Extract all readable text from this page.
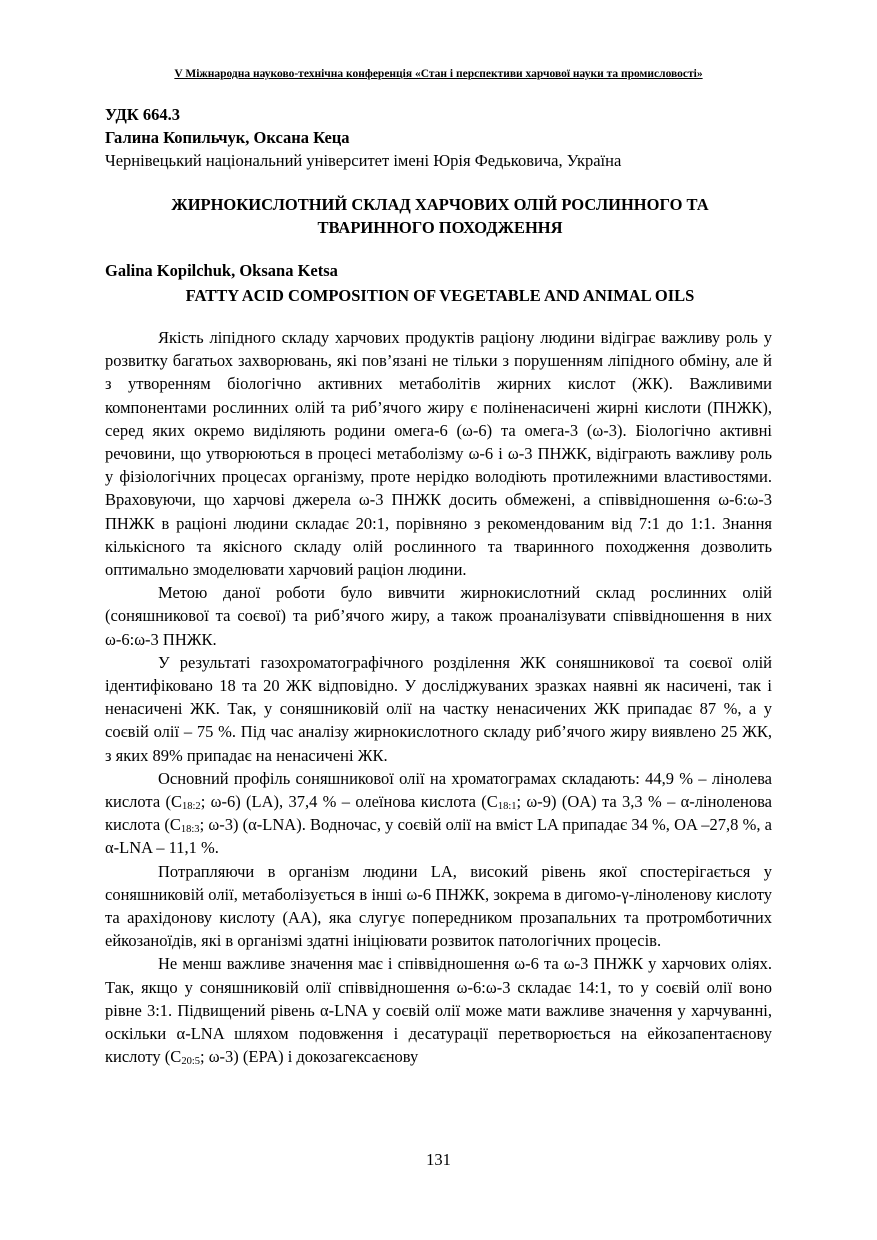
V Міжнародна науково-технічна конференція «Стан і перспективи харчової науки та промисловості»
УДК 664.3
Галина Копильчук, Оксана Кеца
Чернівецький національний університет імені Юрія Федьковича, Україна
ЖИРНОКИСЛОТНИЙ СКЛАД ХАРЧОВИХ ОЛІЙ РОСЛИННОГО ТА
ТВАРИННОГО ПОХОДЖЕННЯ
Galina Kopilchuk, Oksana Ketsa
FATTY ACID COMPOSITION OF VEGETABLE AND ANIMAL OILS

Якість ліпідного складу харчових продуктів раціону людини відіграє важливу роль у розвитку багатьох захворювань, які пов’язані не тільки з порушенням ліпідного обміну, але й з утворенням біологічно активних метаболітів жирних кислот (ЖК). Важливими компонентами рослинних олій та риб’ячого жиру є поліненасичені жирні кислоти (ПНЖК), серед яких окремо виділяють родини омега-6 (ω-6) та омега-3 (ω-3). Біологічно активні речовини, що утворюються в процесі метаболізму ω-6 і ω-3 ПНЖК, відіграють важливу роль у фізіологічних процесах організму, проте нерідко володіють протилежними властивостями. Враховуючи, що харчові джерела ω-3 ПНЖК досить обмежені, а співвідношення ω-6:ω-3 ПНЖК в раціоні людини складає 20:1, порівняно з рекомендованим від 7:1 до 1:1. Знання кількісного та якісного складу олій рослинного та тваринного походження дозволить оптимально змоделювати харчовий раціон людини.

Метою даної роботи було вивчити жирнокислотний склад рослинних олій (соняшникової та соєвої) та риб’ячого жиру, а також проаналізувати співвідношення в них ω-6:ω-3 ПНЖК.

У результаті газохроматографічного розділення ЖК соняшникової та соєвої олій ідентифіковано 18 та 20 ЖК відповідно. У досліджуваних зразках наявні як насичені, так і ненасичені ЖК. Так, у соняшниковій олії на частку ненасичених ЖК припадає 87 %, а у соєвій олії – 75 %. Під час аналізу жирнокислотного складу риб’ячого жиру виявлено 25 ЖК, з яких 89% припадає на ненасичені ЖК.

Основний профіль соняшникової олії на хроматограмах складають: 44,9 % – лінолева кислота ($C_{18:2}$; ω-6) (LA), 37,4 % – олеїнова кислота ($C_{18:1}$; ω-9) (OA) та 3,3 % – α-ліноленова кислота ($C_{18:3}$; ω-3) (α-LNA). Водночас, у соєвій олії на вміст LA припадає 34 %, OA –27,8 %, а α-LNA – 11,1 %.

Потрапляючи в організм людини LA, високий рівень якої спостерігається у соняшниковій олії, метаболізується в інші ω-6 ПНЖК, зокрема в дигомо-γ-ліноленову кислоту та арахідонову кислоту (AA), яка слугує попередником прозапальних та протромботичних ейкозаноїдів, які в організмі здатні ініціювати розвиток патологічних процесів.

Не менш важливе значення має і співвідношення ω-6 та ω-3 ПНЖК у харчових оліях. Так, якщо у соняшниковій олії співвідношення ω-6:ω-3 складає 14:1, то у соєвій олії воно рівне 3:1. Підвищений рівень α-LNA у соєвій олії може мати важливе значення у харчуванні, оскільки α-LNA шляхом подовження і десатурації перетворюється на ейкозапентаєнову кислоту ($C_{20:5}$; ω-3) (EPA) і докозагексаєнову

131
